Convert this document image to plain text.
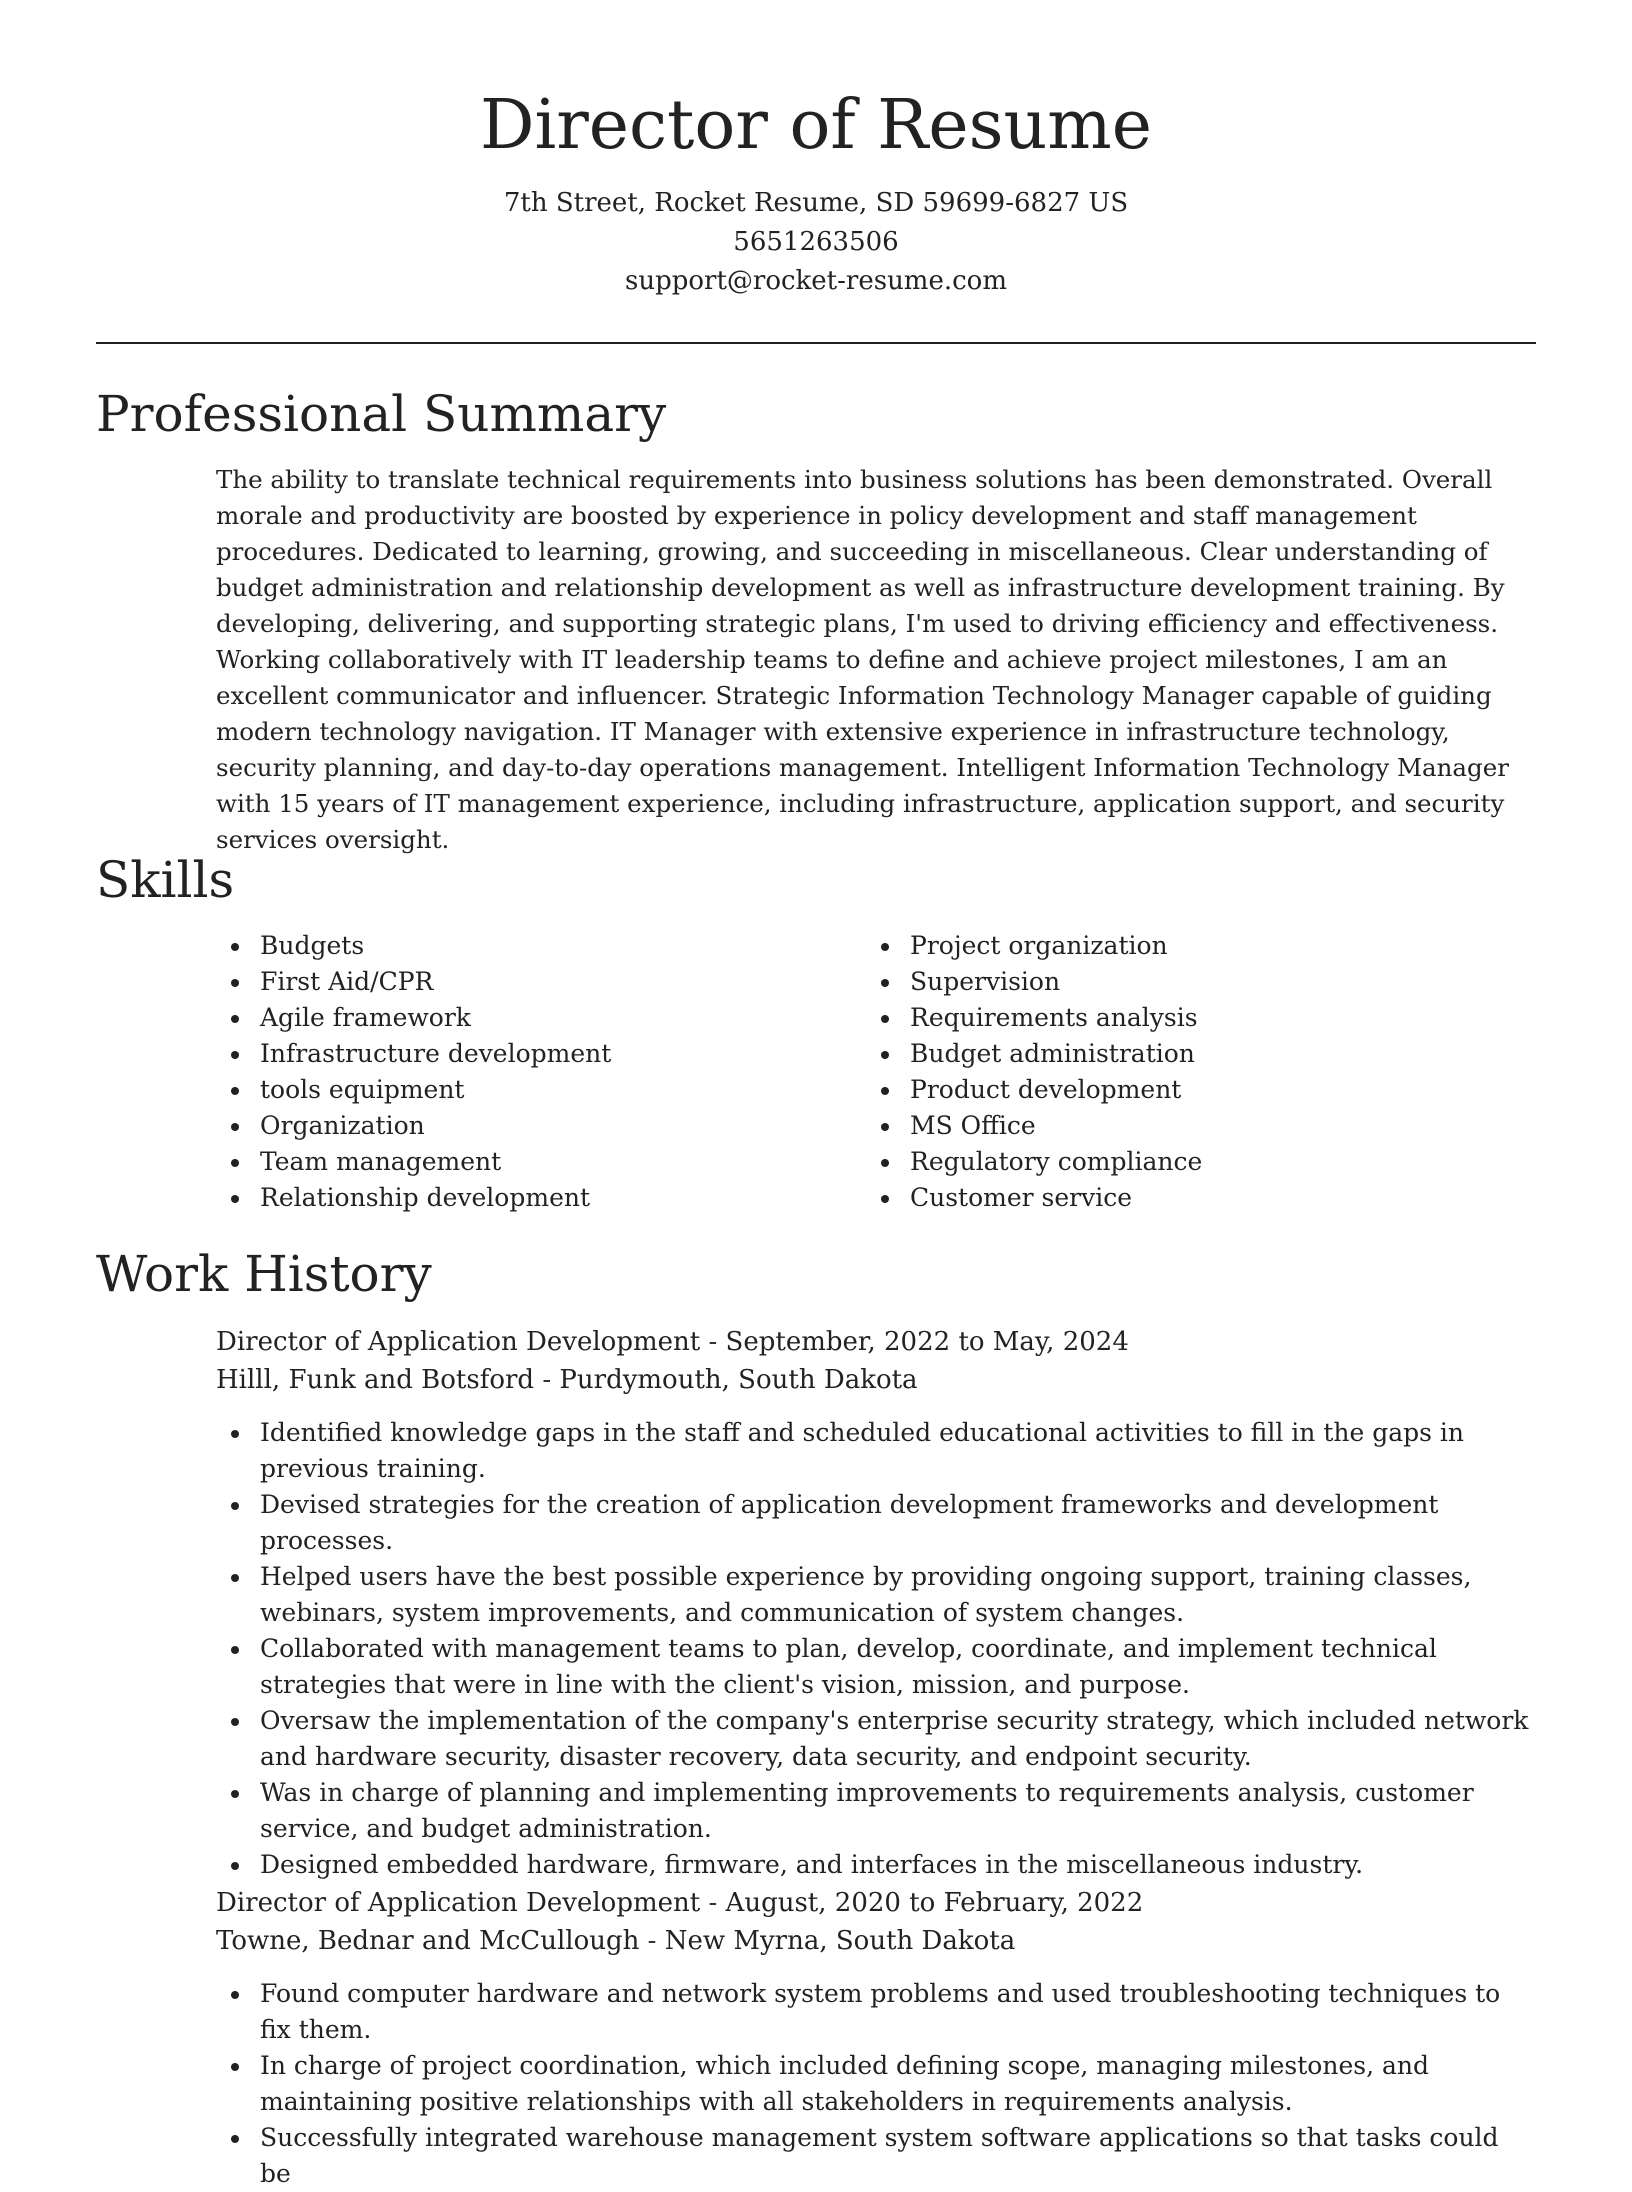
Director of Resume
7th Street, Rocket Resume, SD 59699-6827 US
5651263506
support@rocket-resume.com
Professional Summary

The ability to translate technical requirements into business solutions has been demonstrated. Overall morale and productivity are boosted by experience in policy development and staff management procedures. Dedicated to learning, growing, and succeeding in miscellaneous. Clear understanding of budget administration and relationship development as well as infrastructure development training. By developing, delivering, and supporting strategic plans, I'm used to driving efficiency and effectiveness. Working collaboratively with IT leadership teams to define and achieve project milestones, I am an excellent communicator and influencer. Strategic Information Technology Manager capable of guiding modern technology navigation. IT Manager with extensive experience in infrastructure technology, security planning, and day-to-day operations management. Intelligent Information Technology Manager with 15 years of IT management experience, including infrastructure, application support, and security services oversight.

Skills
Budgets
First Aid/CPR
Agile framework
Infrastructure development
tools equipment
Organization
Team management
Relationship development
Project organization
Supervision
Requirements analysis
Budget administration
Product development
MS Office
Regulatory compliance
Customer service
Work History
Director of Application Development - September, 2022 to May, 2024
Hilll, Funk and Botsford - Purdymouth, South Dakota
Identified knowledge gaps in the staff and scheduled educational activities to fill in the gaps in previous training.
Devised strategies for the creation of application development frameworks and development processes.
Helped users have the best possible experience by providing ongoing support, training classes, webinars, system improvements, and communication of system changes.
Collaborated with management teams to plan, develop, coordinate, and implement technical strategies that were in line with the client's vision, mission, and purpose.
Oversaw the implementation of the company's enterprise security strategy, which included network and hardware security, disaster recovery, data security, and endpoint security.
Was in charge of planning and implementing improvements to requirements analysis, customer service, and budget administration.
Designed embedded hardware, firmware, and interfaces in the miscellaneous industry.
Director of Application Development - August, 2020 to February, 2022
Towne, Bednar and McCullough - New Myrna, South Dakota
Found computer hardware and network system problems and used troubleshooting techniques to fix them.
In charge of project coordination, which included defining scope, managing milestones, and maintaining positive relationships with all stakeholders in requirements analysis.
Successfully integrated warehouse management system software applications so that tasks could be
